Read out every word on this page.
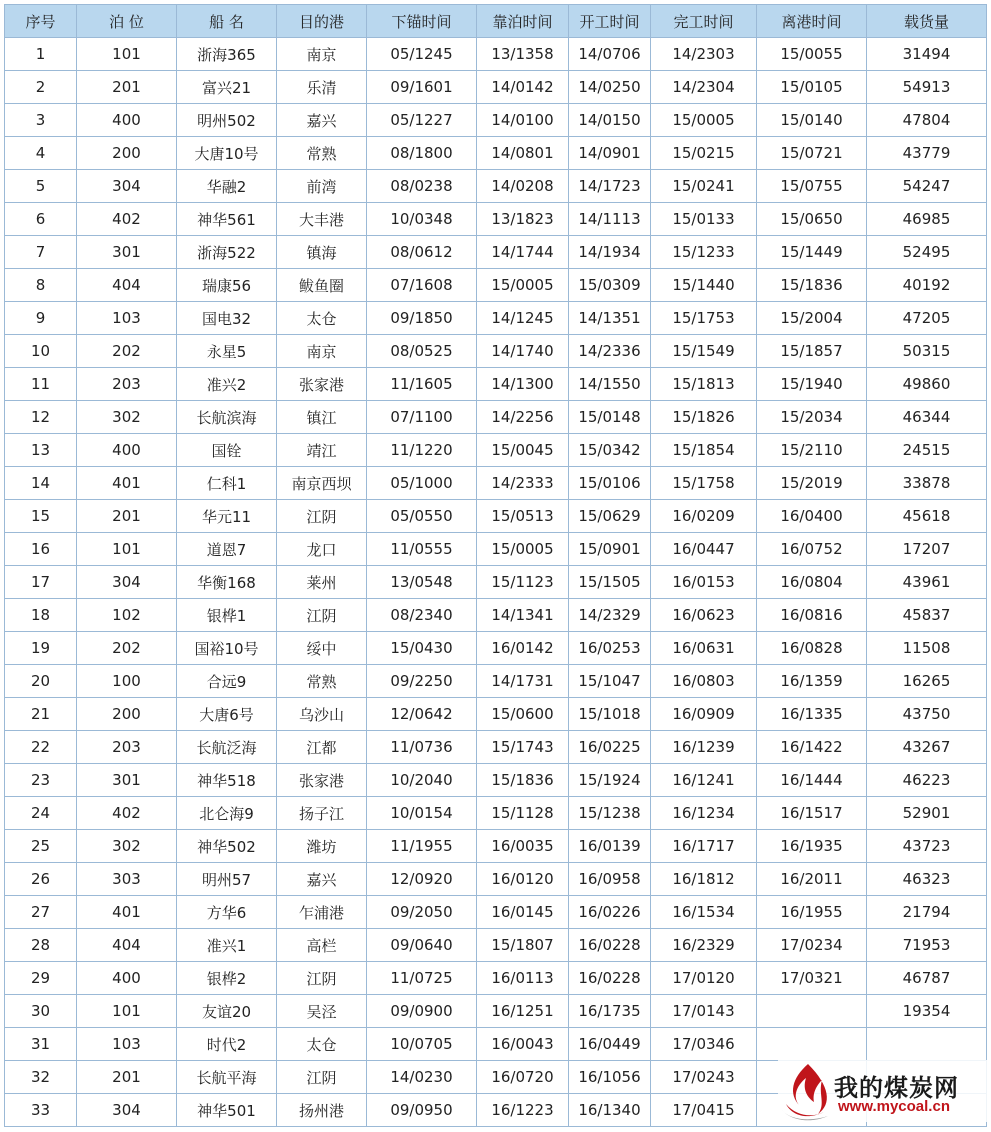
序号	泊 位	船 名	目的港	下锚时间	靠泊时间	开工时间	完工时间	离港时间	载货量
1	101	浙海365	南京	05/1245	13/1358	14/0706	14/2303	15/0055	31494
2	201	富兴21	乐清	09/1601	14/0142	14/0250	14/2304	15/0105	54913
3	400	明州502	嘉兴	05/1227	14/0100	14/0150	15/0005	15/0140	47804
4	200	大唐10号	常熟	08/1800	14/0801	14/0901	15/0215	15/0721	43779
5	304	华融2	前湾	08/0238	14/0208	14/1723	15/0241	15/0755	54247
6	402	神华561	大丰港	10/0348	13/1823	14/1113	15/0133	15/0650	46985
7	301	浙海522	镇海	08/0612	14/1744	14/1934	15/1233	15/1449	52495
8	404	瑞康56	鲅鱼圈	07/1608	15/0005	15/0309	15/1440	15/1836	40192
9	103	国电32	太仓	09/1850	14/1245	14/1351	15/1753	15/2004	47205
10	202	永星5	南京	08/0525	14/1740	14/2336	15/1549	15/1857	50315
11	203	准兴2	张家港	11/1605	14/1300	14/1550	15/1813	15/1940	49860
12	302	长航滨海	镇江	07/1100	14/2256	15/0148	15/1826	15/2034	46344
13	400	国铨	靖江	11/1220	15/0045	15/0342	15/1854	15/2110	24515
14	401	仁科1	南京西坝	05/1000	14/2333	15/0106	15/1758	15/2019	33878
15	201	华元11	江阴	05/0550	15/0513	15/0629	16/0209	16/0400	45618
16	101	道恩7	龙口	11/0555	15/0005	15/0901	16/0447	16/0752	17207
17	304	华衡168	莱州	13/0548	15/1123	15/1505	16/0153	16/0804	43961
18	102	银桦1	江阴	08/2340	14/1341	14/2329	16/0623	16/0816	45837
19	202	国裕10号	绥中	15/0430	16/0142	16/0253	16/0631	16/0828	11508
20	100	合远9	常熟	09/2250	14/1731	15/1047	16/0803	16/1359	16265
21	200	大唐6号	乌沙山	12/0642	15/0600	15/1018	16/0909	16/1335	43750
22	203	长航泛海	江都	11/0736	15/1743	16/0225	16/1239	16/1422	43267
23	301	神华518	张家港	10/2040	15/1836	15/1924	16/1241	16/1444	46223
24	402	北仑海9	扬子江	10/0154	15/1128	15/1238	16/1234	16/1517	52901
25	302	神华502	潍坊	11/1955	16/0035	16/0139	16/1717	16/1935	43723
26	303	明州57	嘉兴	12/0920	16/0120	16/0958	16/1812	16/2011	46323
27	401	方华6	乍浦港	09/2050	16/0145	16/0226	16/1534	16/1955	21794
28	404	准兴1	高栏	09/0640	15/1807	16/0228	16/2329	17/0234	71953
29	400	银桦2	江阴	11/0725	16/0113	16/0228	17/0120	17/0321	46787
30	101	友谊20	吴泾	09/0900	16/1251	16/1735	17/0143		19354
31	103	时代2	太仓	10/0705	16/0043	16/0449	17/0346		
32	201	长航平海	江阴	14/0230	16/0720	16/1056	17/0243		
33	304	神华501	扬州港	09/0950	16/1223	16/1340	17/0415		
我的煤炭网
www.mycoal.cn
